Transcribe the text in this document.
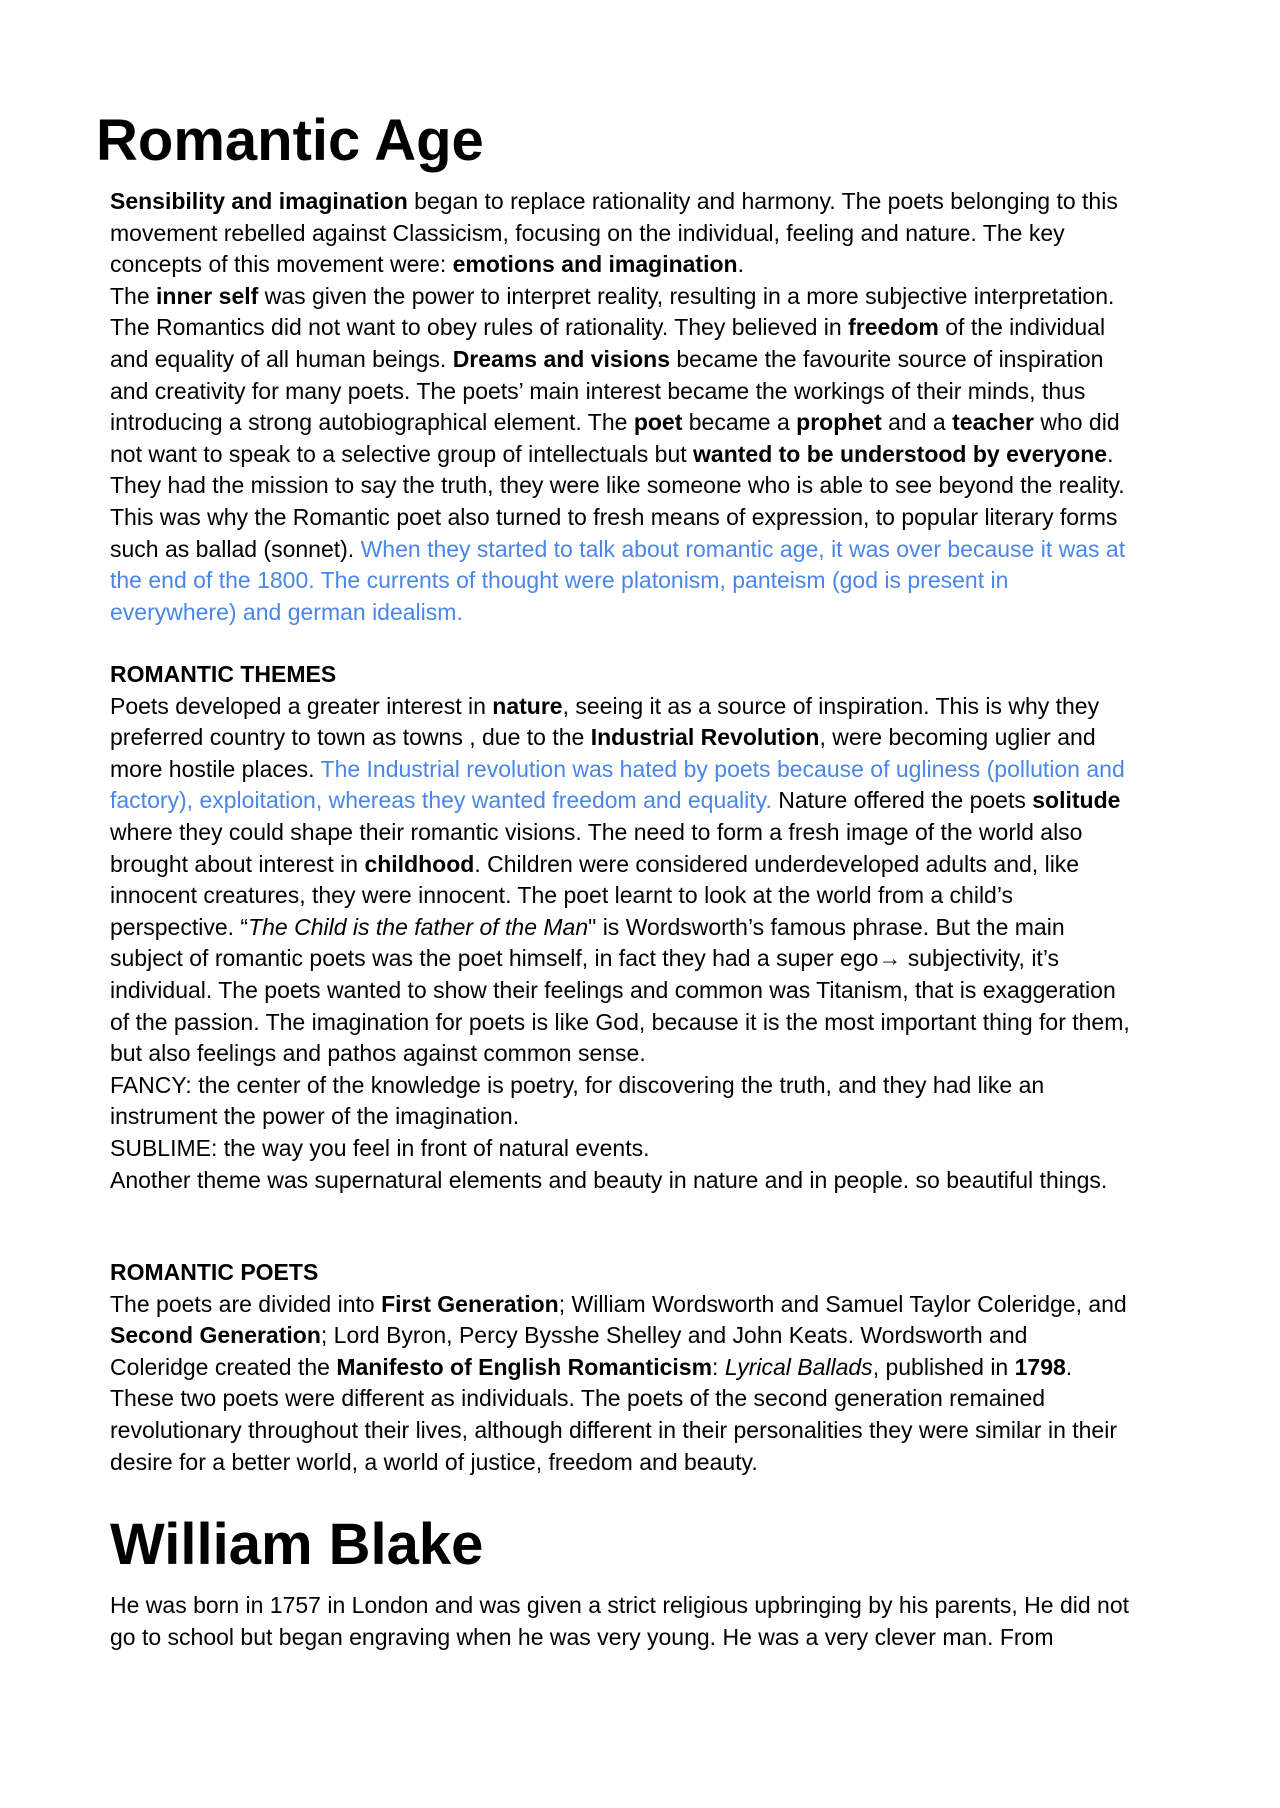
Romantic Age

Sensibility and imagination began to replace rationality and harmony. The poets belonging to this movement rebelled against Classicism, focusing on the individual, feeling and nature. The key concepts of this movement were: emotions and imagination.

The inner self was given the power to interpret reality, resulting in a more subjective interpretation. The Romantics did not want to obey rules of rationality. They believed in freedom of the individual and equality of all human beings. Dreams and visions became the favourite source of inspiration and creativity for many poets. The poets’ main interest became the workings of their minds, thus introducing a strong autobiographical element. The poet became a prophet and a teacher who did not want to speak to a selective group of intellectuals but wanted to be understood by everyone. They had the mission to say the truth, they were like someone who is able to see beyond the reality. This was why the Romantic poet also turned to fresh means of expression, to popular literary forms such as ballad (sonnet). When they started to talk about romantic age, it was over because it was at the end of the 1800. The currents of thought were platonism, panteism (god is present in everywhere) and german idealism.

ROMANTIC THEMES

Poets developed a greater interest in nature, seeing it as a source of inspiration. This is why they preferred country to town as towns , due to the Industrial Revolution, were becoming uglier and more hostile places. The Industrial revolution was hated by poets because of ugliness (pollution and factory), exploitation, whereas they wanted freedom and equality. Nature offered the poets solitude where they could shape their romantic visions. The need to form a fresh image of the world also brought about interest in childhood. Children were considered underdeveloped adults and, like innocent creatures, they were innocent. The poet learnt to look at the world from a child’s perspective. “The Child is the father of the Man" is Wordsworth’s famous phrase. But the main subject of romantic poets was the poet himself, in fact they had a super ego→ subjectivity, it’s individual. The poets wanted to show their feelings and common was Titanism, that is exaggeration of the passion. The imagination for poets is like God, because it is the most important thing for them, but also feelings and pathos against common sense.

FANCY: the center of the knowledge is poetry, for discovering the truth, and they had like an instrument the power of the imagination.

SUBLIME: the way you feel in front of natural events.

Another theme was supernatural elements and beauty in nature and in people. so beautiful things.

ROMANTIC POETS

The poets are divided into First Generation; William Wordsworth and Samuel Taylor Coleridge, and Second Generation; Lord Byron, Percy Bysshe Shelley and John Keats. Wordsworth and Coleridge created the Manifesto of English Romanticism: Lyrical Ballads, published in 1798. These two poets were different as individuals. The poets of the second generation remained revolutionary throughout their lives, although different in their personalities they were similar in their desire for a better world, a world of justice, freedom and beauty.

William Blake

He was born in 1757 in London and was given a strict religious upbringing by his parents, He did not go to school but began engraving when he was very young. He was a very clever man. From
